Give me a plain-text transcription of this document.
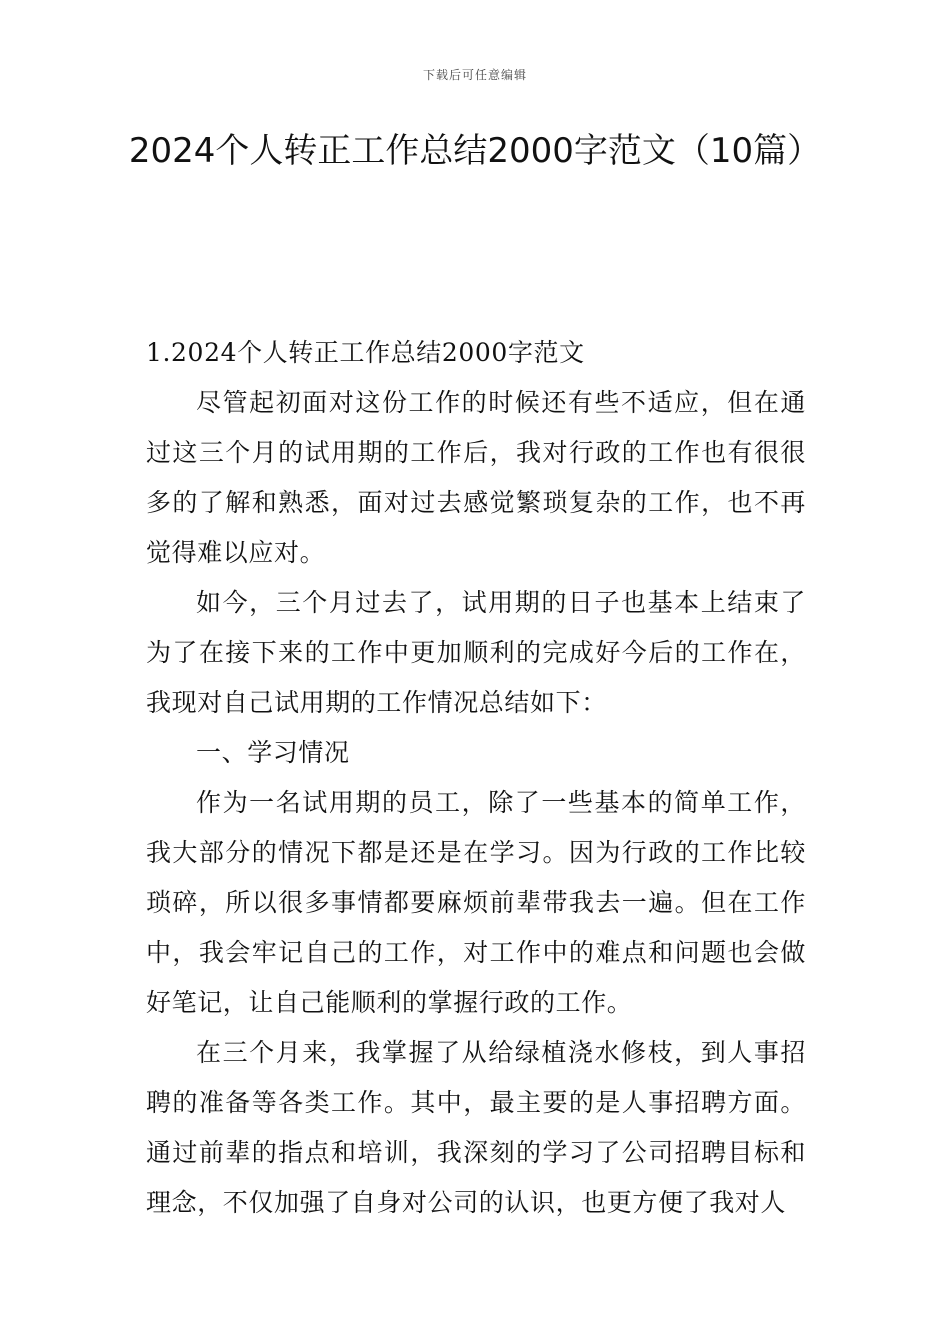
下载后可任意编辑
2024个人转正工作总结2000字范文（10篇）
1.2024个人转正工作总结2000字范文

尽管起初面对这份工作的时候还有些不适应，但在通过这三个月的试用期的工作后，我对行政的工作也有很很多的了解和熟悉，面对过去感觉繁琐复杂的工作，也不再觉得难以应对。

如今，三个月过去了，试用期的日子也基本上结束了为了在接下来的工作中更加顺利的完成好今后的工作在，我现对自己试用期的工作情况总结如下：

一、学习情况

作为一名试用期的员工，除了一些基本的简单工作，我大部分的情况下都是还是在学习。因为行政的工作比较琐碎，所以很多事情都要麻烦前辈带我去一遍。但在工作中，我会牢记自己的工作，对工作中的难点和问题也会做好笔记，让自己能顺利的掌握行政的工作。

在三个月来，我掌握了从给绿植浇水修枝，到人事招聘的准备等各类工作。其中，最主要的是人事招聘方面。通过前辈的指点和培训，我深刻的学习了公司招聘目标和理念，不仅加强了自身对公司的认识，也更方便了我对人
